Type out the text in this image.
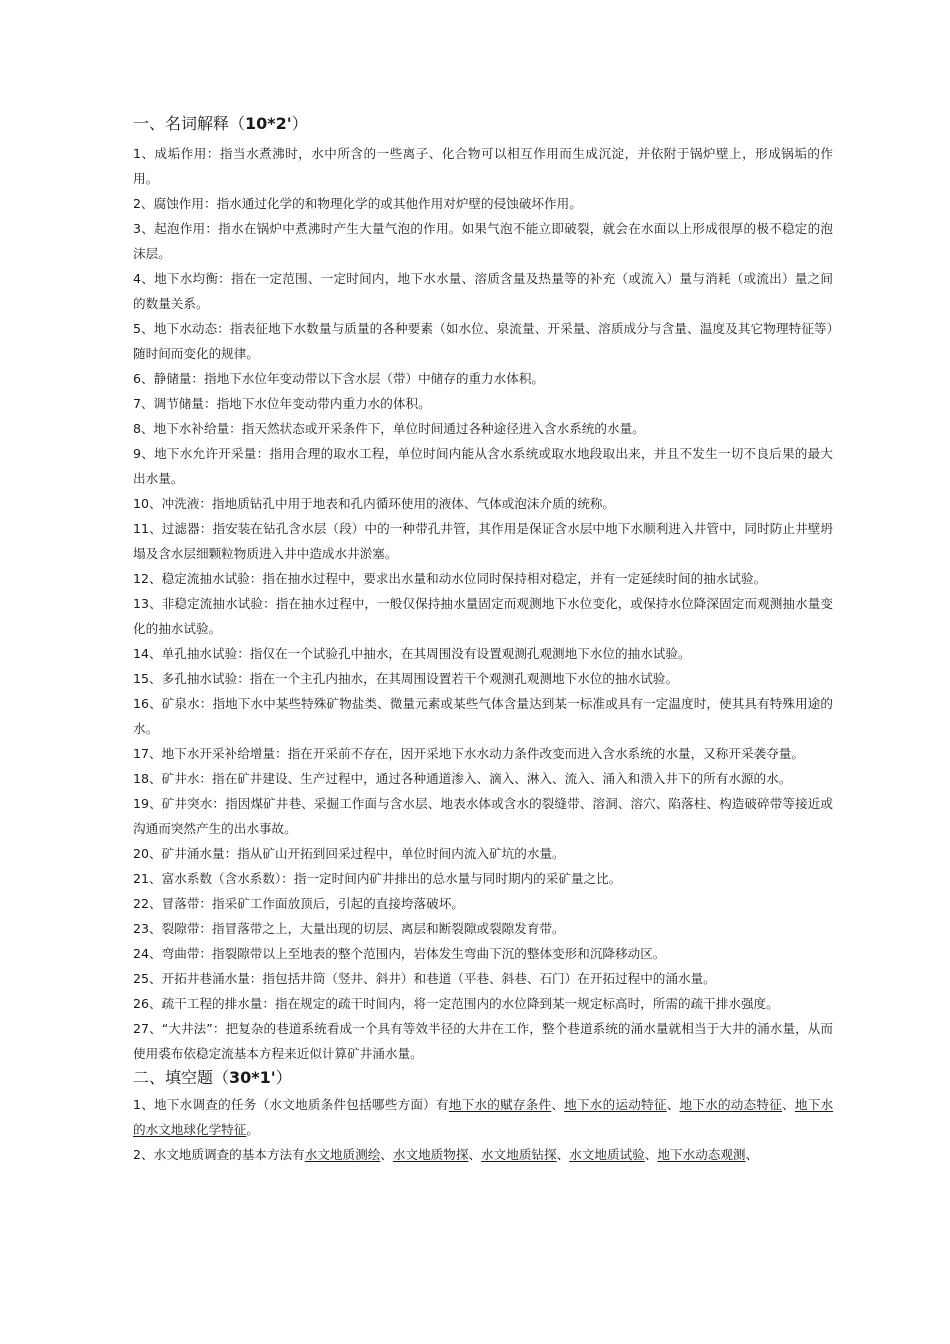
一、名词解释（10*2'）

1、成垢作用：指当水煮沸时，水中所含的一些离子、化合物可以相互作用而生成沉淀，并依附于锅炉壁上，形成锅垢的作用。

2、腐蚀作用：指水通过化学的和物理化学的或其他作用对炉壁的侵蚀破坏作用。

3、起泡作用：指水在锅炉中煮沸时产生大量气泡的作用。如果气泡不能立即破裂，就会在水面以上形成很厚的极不稳定的泡沫层。

4、地下水均衡：指在一定范围、一定时间内，地下水水量、溶质含量及热量等的补充（或流入）量与消耗（或流出）量之间的数量关系。

5、地下水动态：指表征地下水数量与质量的各种要素（如水位、泉流量、开采量、溶质成分与含量、温度及其它物理特征等）随时间而变化的规律。

6、静储量：指地下水位年变动带以下含水层（带）中储存的重力水体积。

7、调节储量：指地下水位年变动带内重力水的体积。

8、地下水补给量：指天然状态或开采条件下，单位时间通过各种途径进入含水系统的水量。

9、地下水允许开采量：指用合理的取水工程，单位时间内能从含水系统或取水地段取出来，并且不发生一切不良后果的最大出水量。

10、冲洗液：指地质钻孔中用于地表和孔内循环使用的液体、气体或泡沫介质的统称。

11、过滤器：指安装在钻孔含水层（段）中的一种带孔井管，其作用是保证含水层中地下水顺利进入井管中，同时防止井壁坍塌及含水层细颗粒物质进入井中造成水井淤塞。

12、稳定流抽水试验：指在抽水过程中，要求出水量和动水位同时保持相对稳定，并有一定延续时间的抽水试验。

13、非稳定流抽水试验：指在抽水过程中，一般仅保持抽水量固定而观测地下水位变化，或保持水位降深固定而观测抽水量变化的抽水试验。

14、单孔抽水试验：指仅在一个试验孔中抽水，在其周围没有设置观测孔观测地下水位的抽水试验。

15、多孔抽水试验：指在一个主孔内抽水，在其周围设置若干个观测孔观测地下水位的抽水试验。

16、矿泉水：指地下水中某些特殊矿物盐类、微量元素或某些气体含量达到某一标准或具有一定温度时，使其具有特殊用途的水。

17、地下水开采补给增量：指在开采前不存在，因开采地下水水动力条件改变而进入含水系统的水量，又称开采袭夺量。

18、矿井水：指在矿井建设、生产过程中，通过各种通道渗入、滴入、淋入、流入、涌入和溃入井下的所有水源的水。

19、矿井突水：指因煤矿井巷、采掘工作面与含水层、地表水体或含水的裂缝带、溶洞、溶穴、陷落柱、构造破碎带等接近或沟通而突然产生的出水事故。

20、矿井涌水量：指从矿山开拓到回采过程中，单位时间内流入矿坑的水量。

21、富水系数（含水系数）：指一定时间内矿井排出的总水量与同时期内的采矿量之比。

22、冒落带：指采矿工作面放顶后，引起的直接垮落破坏。

23、裂隙带：指冒落带之上，大量出现的切层、离层和断裂隙或裂隙发育带。

24、弯曲带：指裂隙带以上至地表的整个范围内，岩体发生弯曲下沉的整体变形和沉降移动区。

25、开拓井巷涌水量：指包括井筒（竖井、斜井）和巷道（平巷、斜巷、石门）在开拓过程中的涌水量。

26、疏干工程的排水量：指在规定的疏干时间内，将一定范围内的水位降到某一规定标高时，所需的疏干排水强度。

27、“大井法”：把复杂的巷道系统看成一个具有等效半径的大井在工作，整个巷道系统的涌水量就相当于大井的涌水量，从而使用裘布依稳定流基本方程来近似计算矿井涌水量。

二、填空题（30*1'）

1、地下水调查的任务（水文地质条件包括哪些方面）有地下水的赋存条件、地下水的运动特征、地下水的动态特征、地下水的水文地球化学特征。

2、水文地质调查的基本方法有水文地质测绘、水文地质物探、水文地质钻探、水文地质试验、地下水动态观测、
